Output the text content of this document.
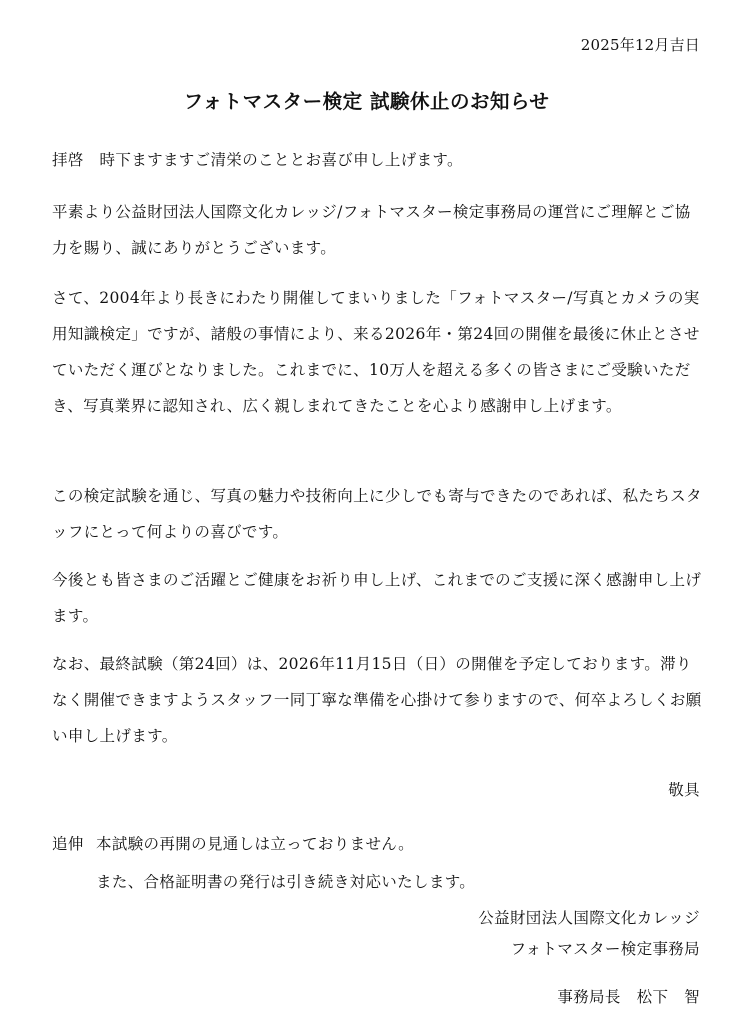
2025年12月吉日
フォトマスター検定 試験休止のお知らせ
拝啓　時下ますますご清栄のこととお喜び申し上げます。
平素より公益財団法人国際文化カレッジ/フォトマスター検定事務局の運営にご理解とご協力を賜り、誠にありがとうございます。
さて、2004年より長きにわたり開催してまいりました「フォトマスター/写真とカメラの実用知識検定」ですが、諸般の事情により、来る2026年・第24回の開催を最後に休止とさせていただく運びとなりました。これまでに、10万人を超える多くの皆さまにご受験いただき、写真業界に認知され、広く親しまれてきたことを心より感謝申し上げます。
この検定試験を通じ、写真の魅力や技術向上に少しでも寄与できたのであれば、私たちスタッフにとって何よりの喜びです。
今後とも皆さまのご活躍とご健康をお祈り申し上げ、これまでのご支援に深く感謝申し上げます。
なお、最終試験（第24回）は、2026年11月15日（日）の開催を予定しております。滞りなく開催できますようスタッフ一同丁寧な準備を心掛けて参りますので、何卒よろしくお願い申し上げます。
敬具
追伸 本試験の再開の見通しは立っておりません。
また、合格証明書の発行は引き続き対応いたします。
公益財団法人国際文化カレッジ
フォトマスター検定事務局
事務局長　松下　智
